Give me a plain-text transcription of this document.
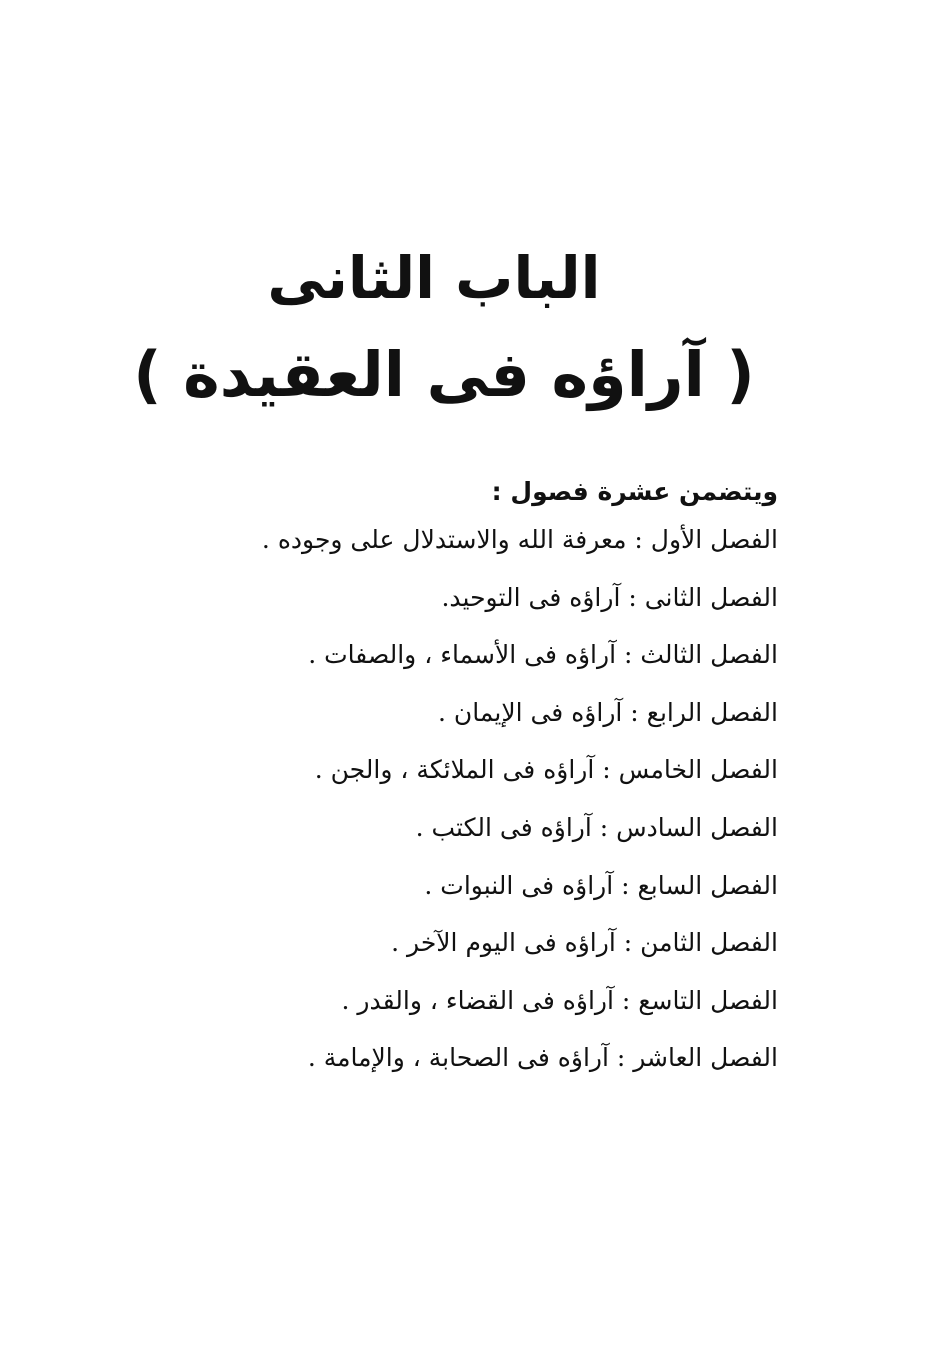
الباب الثانى
( آراؤه فى العقيدة )

ويتضمن عشرة فصول :

الفصل الأول : معرفة الله والاستدلال على وجوده .

الفصل الثانى : آراؤه فى التوحيد.

الفصل الثالث : آراؤه فى الأسماء ، والصفات .

الفصل الرابع : آراؤه فى الإيمان .

الفصل الخامس : آراؤه فى الملائكة ، والجن .

الفصل السادس : آراؤه فى الكتب .

الفصل السابع : آراؤه فى النبوات .

الفصل الثامن : آراؤه فى اليوم الآخر .

الفصل التاسع : آراؤه فى القضاء ، والقدر .

الفصل العاشر : آراؤه فى الصحابة ، والإمامة .
